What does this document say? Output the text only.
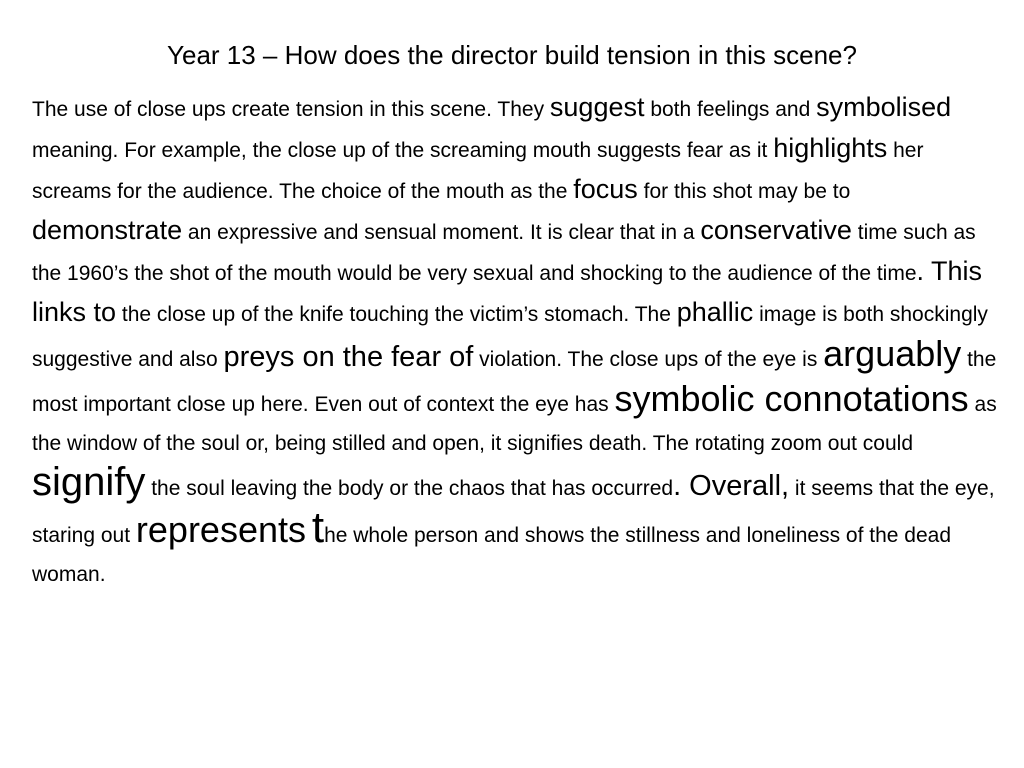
Year 13 – How does the director build tension in this scene?

The use of close ups create tension in this scene. They suggest both feelings and symbolised meaning. For example, the close up of the screaming mouth suggests fear as it highlights her screams for the audience. The choice of the mouth as the focus for this shot may be to demonstrate an expressive and sensual moment. It is clear that in a conservative time such as the 1960’s the shot of the mouth would be very sexual and shocking to the audience of the time. This links to the close up of the knife touching the victim’s stomach. The phallic image is both shockingly suggestive and also preys on the fear of violation. The close ups of the eye is arguably the most important close up here. Even out of context the eye has symbolic connotations as the window of the soul or, being stilled and open, it signifies death. The rotating zoom out could signify the soul leaving the body or the chaos that has occurred. Overall, it seems that the eye, staring out represents the whole person and shows the stillness and loneliness of the dead woman.
